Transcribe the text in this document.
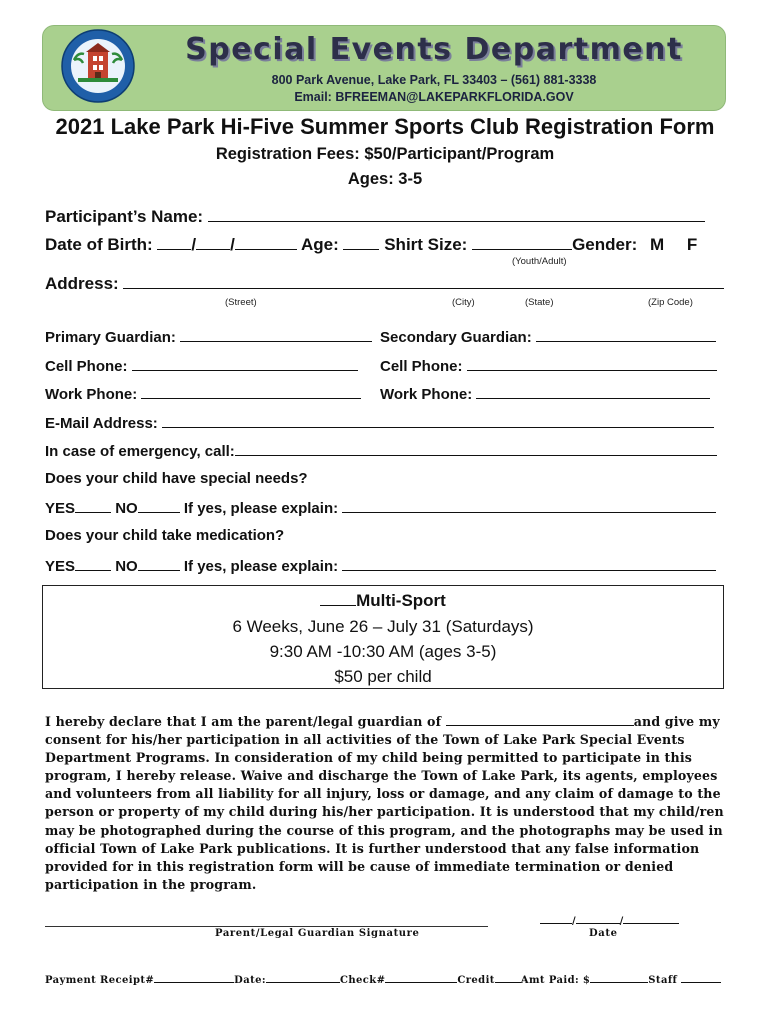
Special Events Department
800 Park Avenue, Lake Park, FL 33403 – (561) 881-3338
Email: BFREEMAN@LAKEPARKFLORIDA.GOV
2021 Lake Park Hi-Five Summer Sports Club Registration Form
Registration Fees: $50/Participant/Program
Ages: 3-5
Participant’s Name:
Date of Birth: / /	Age:	Shirt Size:	Gender: M F
(Youth/Adult)
Address:
(Street)	(City)	(State)	(Zip Code)
Primary Guardian:	Secondary Guardian:
Cell Phone:	Cell Phone:
Work Phone:	Work Phone:
E-Mail Address:
In case of emergency, call:
Does your child have special needs?
YES	NO	If yes, please explain:
Does your child take medication?
YES	NO	If yes, please explain:
Multi-Sport
6 Weeks, June 26 – July 31 (Saturdays)
9:30 AM -10:30 AM (ages 3-5)
$50 per child
I hereby declare that I am the parent/legal guardian of	and give my consent for his/her participation in all activities of the Town of Lake Park Special Events Department Programs. In consideration of my child being permitted to participate in this program, I hereby release. Waive and discharge the Town of Lake Park, its agents, employees and volunteers from all liability for all injury, loss or damage, and any claim of damage to the person or property of my child during his/her participation. It is understood that my child/ren may be photographed during the course of this program, and the photographs may be used in official Town of Lake Park publications. It is further understood that any false information provided for in this registration form will be cause of immediate termination or denied participation in the program.
Parent/Legal Guardian Signature
/	/
Date
Payment Receipt#	Date:	Check#	Credit	Amt Paid: $	Staff
